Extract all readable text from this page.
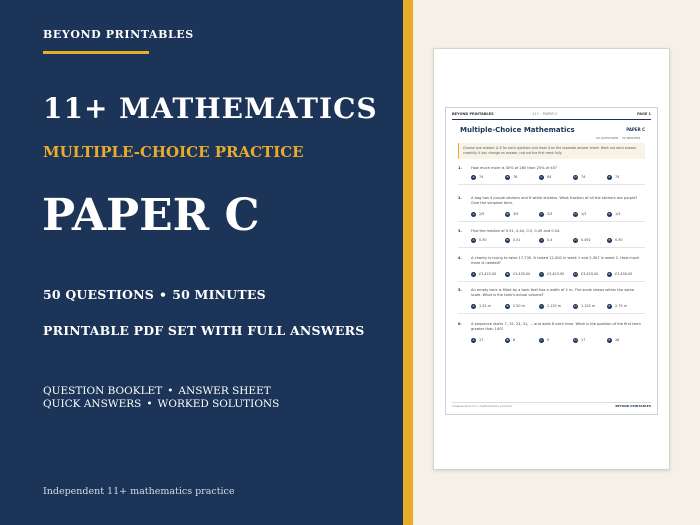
BEYOND PRINTABLES
11+ MATHEMATICS
MULTIPLE-CHOICE PRACTICE
PAPER C
50 QUESTIONS • 50 MINUTES
PRINTABLE PDF SET WITH FULL ANSWERS
QUESTION BOOKLET • ANSWER SHEET
QUICK ANSWERS • WORKED SOLUTIONS
Independent 11+ mathematics practice
BEYOND PRINTABLES	11+ · PAPER C	PAGE 1
Multiple-Choice Mathematics	PAPER C
50 QUESTIONS 50 MINUTES
Choose one answer. A–E for each question and mark it on the separate answer sheet. Work out each answer carefully. If you change an answer, rub out the first mark fully.
1.	How much more is 30% of 280 than 25% of 40?
A	74	B	76	C	84	D	74	E	74
2.	A bag has 4 purple stickers and 6 white stickers. What fraction of all the stickers are purple? Give the simplest form.
A	2/5	B	3/5	C	2/3	D	1/2	E	1/3
3.	Find the median of 0.51, 0.44, 0.5, 0.49 and 0.54.
A	0.50	B	0.51	C	0.4	D	0.492	E	0.50
4.	A charity is trying to raise 17,730. It raised 12,000 in week 1 and 2,307 in week 2. How much more is needed?
A	£3,423.00	B	£3,430.00	C	£3,423.00	D	£3,433.00	E	£3,430.00
5.	An empty tank is filled by a tank that has a width of 2 m. The scale shows within the same scale. What is the tank's actual volume?
A	1.25 m	B	2.50 m	C	2.125 m	D	1.125 m	E	2.75 m
6.	A sequence starts 7, 15, 23, 31, ... and adds 8 each time. What is the position of the first term greater than 140?
A	17	B	8	C	9	D	17	E	18
Independent 11+ mathematics practice	BEYOND PRINTABLES
